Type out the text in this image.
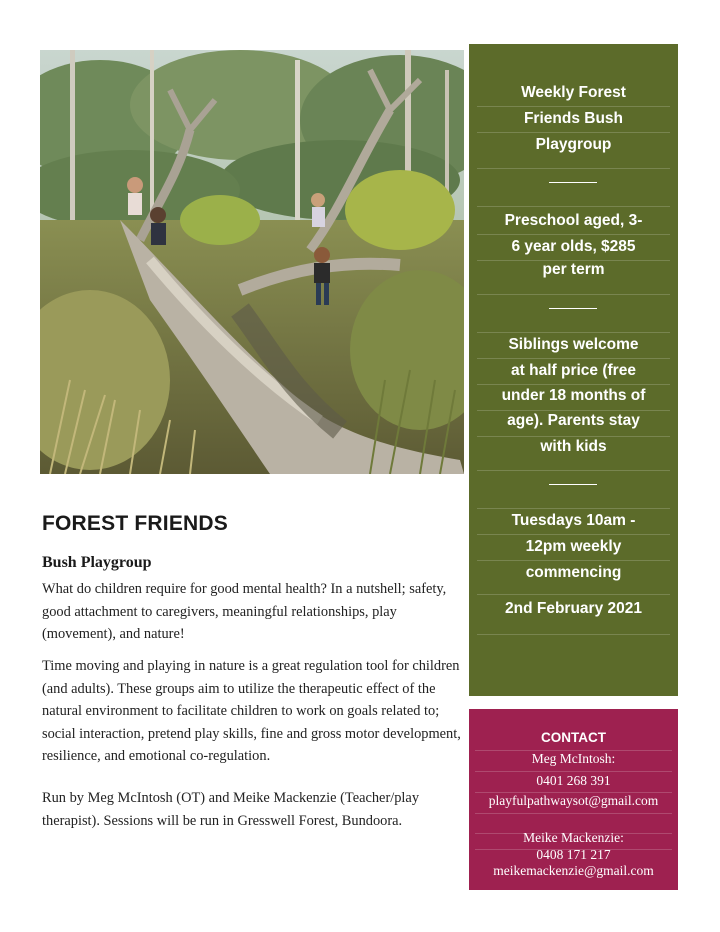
FOREST FRIENDS
Bush Playgroup

What do children require for good mental health? In a nutshell; safety, good attachment to caregivers, meaningful relationships, play (movement), and nature!

Time moving and playing in nature is a great regulation tool for children (and adults). These groups aim to utilize the therapeutic effect of the natural environment to facilitate children to work on goals related to; social interaction, pretend play skills, fine and gross motor development, resilience, and emotional co-regulation.

Run by Meg McIntosh (OT) and Meike Mackenzie (Teacher/play therapist). Sessions will be run in Gresswell Forest, Bundoora.

Weekly Forest
Friends Bush
Playgroup
Preschool aged, 3-
6 year olds, $285
per term
Siblings welcome
at half price (free
under 18 months of
age). Parents stay
with kids
Tuesdays 10am -
12pm weekly
commencing
2nd February 2021
CONTACT
Meg McIntosh:
0401 268 391
playfulpathwaysot@gmail.com
Meike Mackenzie:
0408 171 217
meikemackenzie@gmail.com
